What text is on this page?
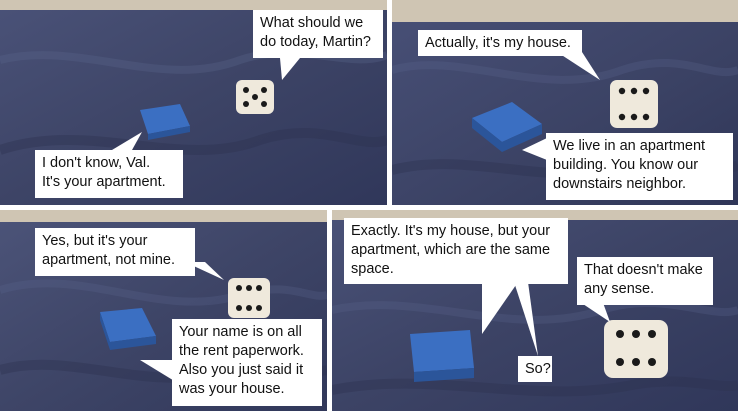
What should we
do today, Martin?
I don't know, Val.
It's your apartment.
Actually, it's my house.
We live in an apartment
building. You know our
downstairs neighbor.
Yes, but it's your
apartment, not mine.
Your name is on all
the rent paperwork.
Also you just said it
was your house.
Exactly. It's my house, but your
apartment, which are the same
space.	That doesn't make
any sense.
So?
